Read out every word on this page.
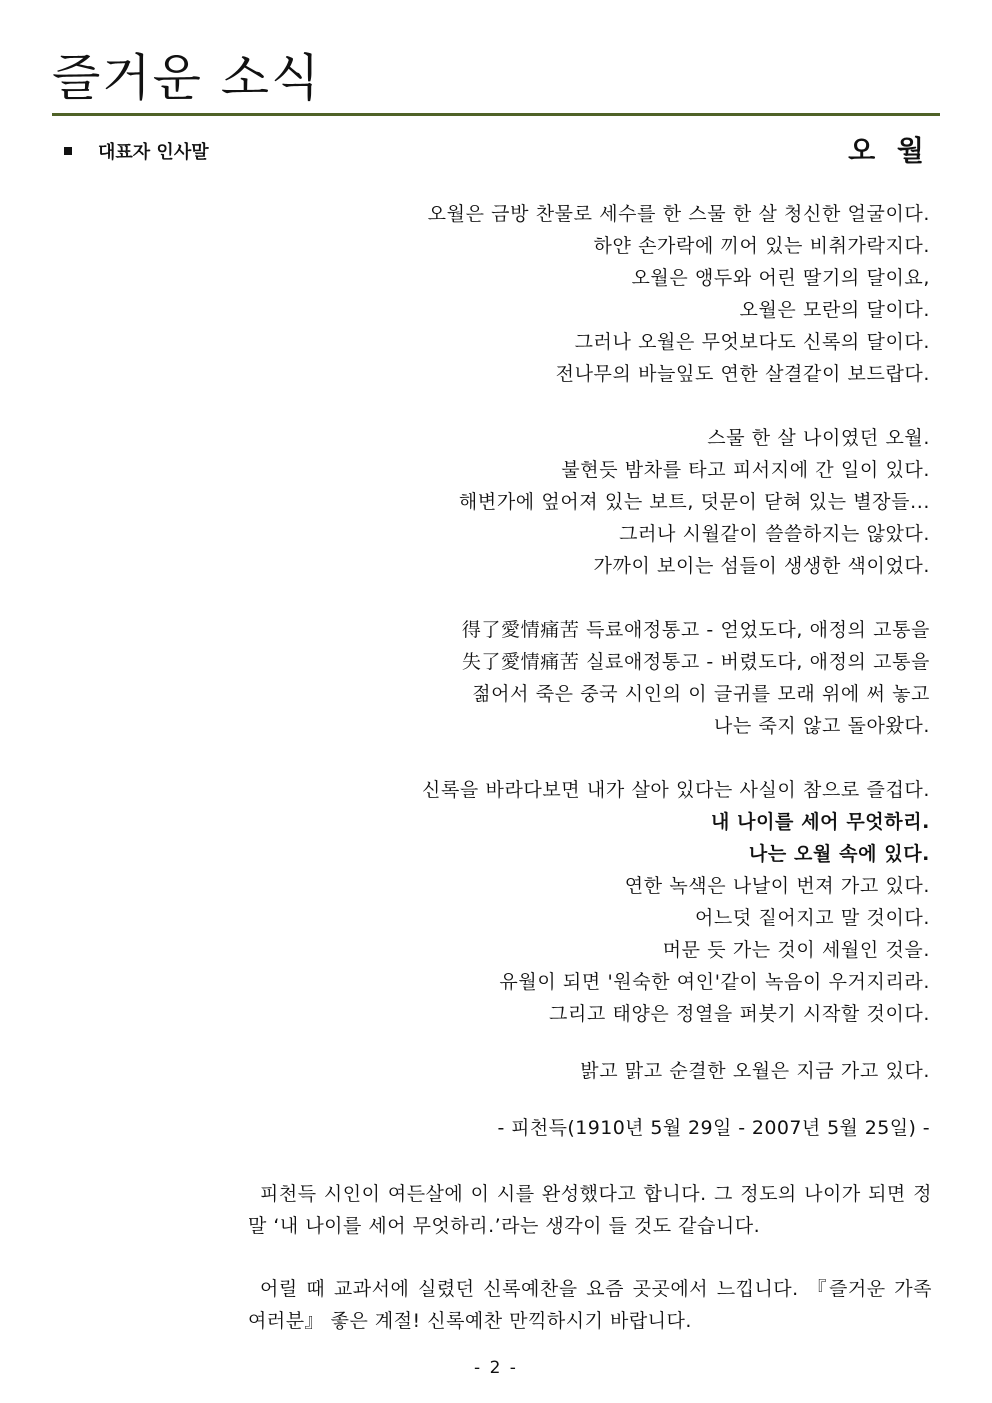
즐거운 소식
대표자 인사말	오 월
오월은 금방 찬물로 세수를 한 스물 한 살 청신한 얼굴이다.
하얀 손가락에 끼어 있는 비취가락지다.
오월은 앵두와 어린 딸기의 달이요,
오월은 모란의 달이다.
그러나 오월은 무엇보다도 신록의 달이다.
전나무의 바늘잎도 연한 살결같이 보드랍다.
스물 한 살 나이였던 오월.
불현듯 밤차를 타고 피서지에 간 일이 있다.
해변가에 엎어져 있는 보트, 덧문이 닫혀 있는 별장들...
그러나 시월같이 쓸쓸하지는 않았다.
가까이 보이는 섬들이 생생한 색이었다.
得了愛情痛苦 득료애정통고 - 얻었도다, 애정의 고통을
失了愛情痛苦 실료애정통고 - 버렸도다, 애정의 고통을
젊어서 죽은 중국 시인의 이 글귀를 모래 위에 써 놓고
나는 죽지 않고 돌아왔다.
신록을 바라다보면 내가 살아 있다는 사실이 참으로 즐겁다.
내 나이를 세어 무엇하리.
나는 오월 속에 있다.
연한 녹색은 나날이 번져 가고 있다.
어느덧 짙어지고 말 것이다.
머문 듯 가는 것이 세월인 것을.
유월이 되면 '원숙한 여인'같이 녹음이 우거지리라.
그리고 태양은 정열을 퍼붓기 시작할 것이다.
밝고 맑고 순결한 오월은 지금 가고 있다.
- 피천득(1910년 5월 29일 - 2007년 5월 25일) -

피천득 시인이 여든살에 이 시를 완성했다고 합니다. 그 정도의 나이가 되면 정말 ‘내 나이를 세어 무엇하리.’라는 생각이 들 것도 같습니다.

어릴 때 교과서에 실렸던 신록예찬을 요즘 곳곳에서 느낍니다. 『즐거운 가족 여러분』 좋은 계절! 신록예찬 만끽하시기 바랍니다.

- 2 -
